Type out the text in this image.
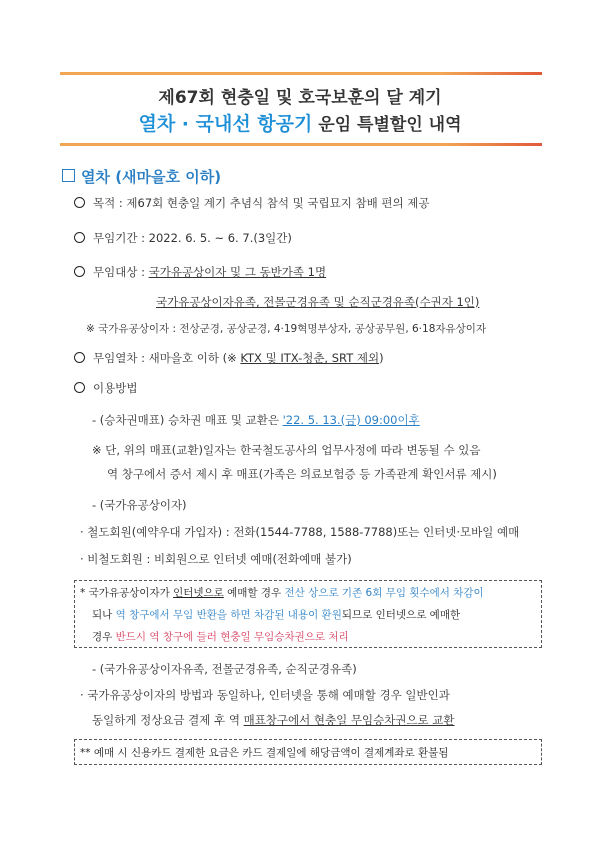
제67회 현충일 및 호국보훈의 달 계기
열차 · 국내선 항공기 운임 특별할인 내역
열차 (새마을호 이하)
목적 : 제67회 현충일 계기 추념식 참석 및 국립묘지 참배 편의 제공
무임기간 : 2022. 6. 5. ~ 6. 7.(3일간)
무임대상 : 국가유공상이자 및 그 동반가족 1명
국가유공상이자유족, 전몰군경유족 및 순직군경유족(수권자 1인)
※ 국가유공상이자 : 전상군경, 공상군경, 4·19혁명부상자, 공상공무원, 6·18자유상이자
무임열차 : 새마을호 이하 (※ KTX 및 ITX-청춘, SRT 제외)
이용방법
- (승차권매표) 승차권 매표 및 교환은 '22. 5. 13.(금) 09:00이후
※ 단, 위의 매표(교환)일자는 한국철도공사의 업무사정에 따라 변동될 수 있음
역 창구에서 증서 제시 후 매표(가족은 의료보험증 등 가족관계 확인서류 제시)
- (국가유공상이자)
· 철도회원(예약우대 가입자) : 전화(1544-7788, 1588-7788)또는 인터넷·모바일 예매
· 비철도회원 : 비회원으로 인터넷 예매(전화예매 불가)
* 국가유공상이자가 인터넷으로 예매할 경우 전산 상으로 기존 6회 무임 횟수에서 차감이
되나 역 창구에서 무임 반환을 하면 차감된 내용이 환원되므로 인터넷으로 예매한
경우 반드시 역 창구에 들러 현충일 무임승차권으로 처리
- (국가유공상이자유족, 전몰군경유족, 순직군경유족)
· 국가유공상이자의 방법과 동일하나, 인터넷을 통해 예매할 경우 일반인과
동일하게 정상요금 결제 후 역 매표창구에서 현충일 무임승차권으로 교환
** 예매 시 신용카드 결제한 요금은 카드 결제일에 해당금액이 결제계좌로 환불됨
